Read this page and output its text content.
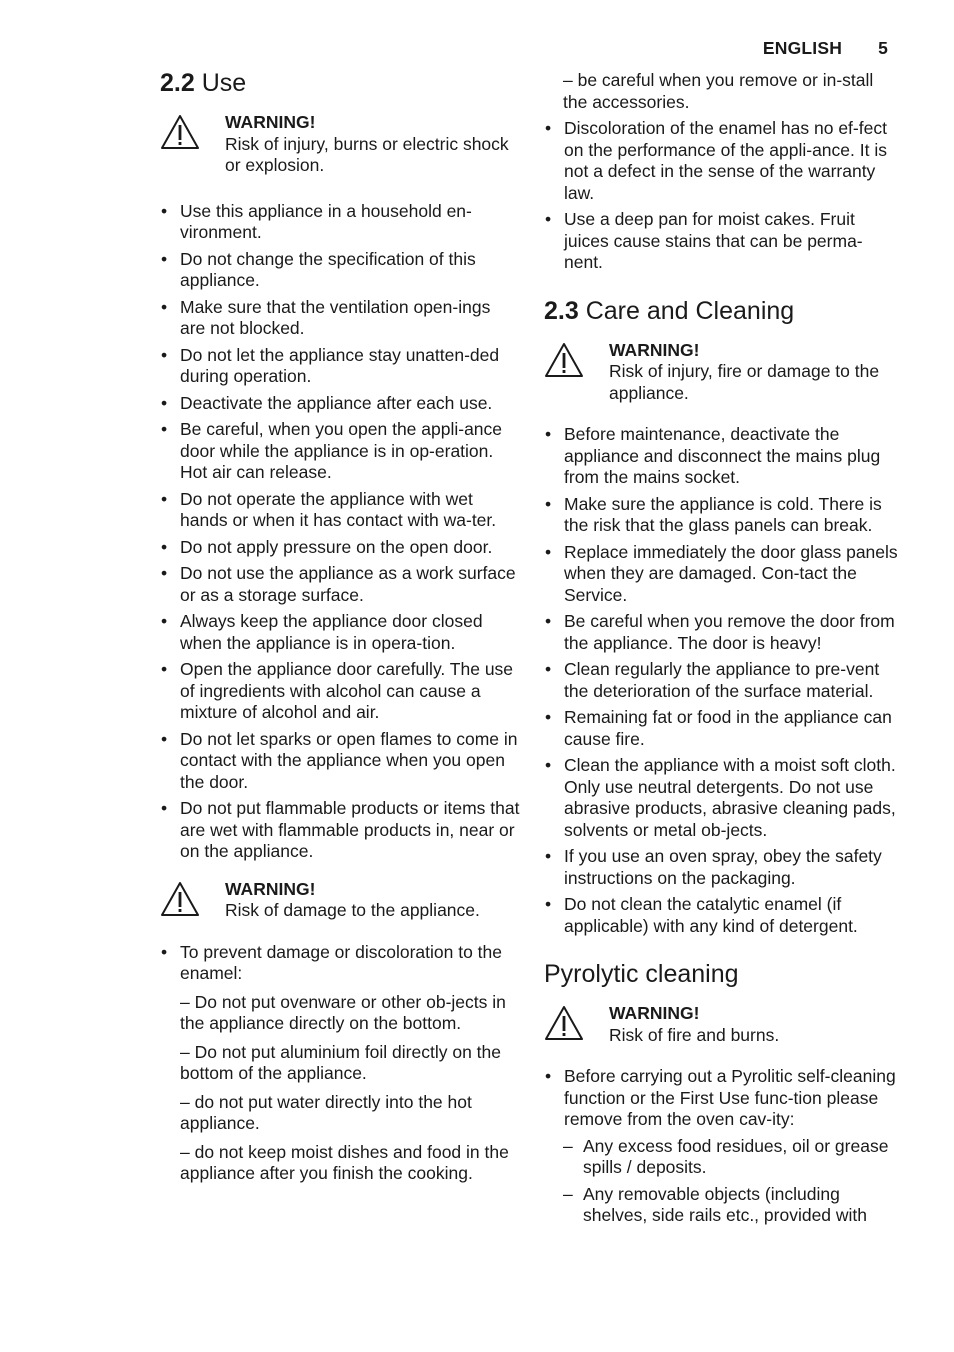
ENGLISH 5
2.2 Use
WARNING!
Risk of injury, burns or electric shock or explosion.
• Use this appliance in a household en-vironment.
• Do not change the specification of this appliance.
• Make sure that the ventilation open-ings are not blocked.
• Do not let the appliance stay unatten-ded during operation.
• Deactivate the appliance after each use.
• Be careful, when you open the appli-ance door while the appliance is in op-eration. Hot air can release.
• Do not operate the appliance with wet hands or when it has contact with wa-ter.
• Do not apply pressure on the open door.
• Do not use the appliance as a work surface or as a storage surface.
• Always keep the appliance door closed when the appliance is in opera-tion.
• Open the appliance door carefully. The use of ingredients with alcohol can cause a mixture of alcohol and air.
• Do not let sparks or open flames to come in contact with the appliance when you open the door.
• Do not put flammable products or items that are wet with flammable products in, near or on the appliance.
WARNING!
Risk of damage to the appliance.
• To prevent damage or discoloration to the enamel:
– Do not put ovenware or other ob-jects in the appliance directly on the bottom.
– Do not put aluminium foil directly on the bottom of the appliance.
– do not put water directly into the hot appliance.
– do not keep moist dishes and food in the appliance after you finish the cooking.
– be careful when you remove or in-stall the accessories.
• Discoloration of the enamel has no ef-fect on the performance of the appli-ance. It is not a defect in the sense of the warranty law.
• Use a deep pan for moist cakes. Fruit juices cause stains that can be perma-nent.
2.3 Care and Cleaning
WARNING!
Risk of injury, fire or damage to the appliance.
• Before maintenance, deactivate the appliance and disconnect the mains plug from the mains socket.
• Make sure the appliance is cold. There is the risk that the glass panels can break.
• Replace immediately the door glass panels when they are damaged. Con-tact the Service.
• Be careful when you remove the door from the appliance. The door is heavy!
• Clean regularly the appliance to pre-vent the deterioration of the surface material.
• Remaining fat or food in the appliance can cause fire.
• Clean the appliance with a moist soft cloth. Only use neutral detergents. Do not use abrasive products, abrasive cleaning pads, solvents or metal ob-jects.
• If you use an oven spray, obey the safety instructions on the packaging.
• Do not clean the catalytic enamel (if applicable) with any kind of detergent.
Pyrolytic cleaning
WARNING!
Risk of fire and burns.
• Before carrying out a Pyrolitic self-cleaning function or the First Use func-tion please remove from the oven cav-ity:
– Any excess food residues, oil or grease spills / deposits.
– Any removable objects (including shelves, side rails etc., provided with
